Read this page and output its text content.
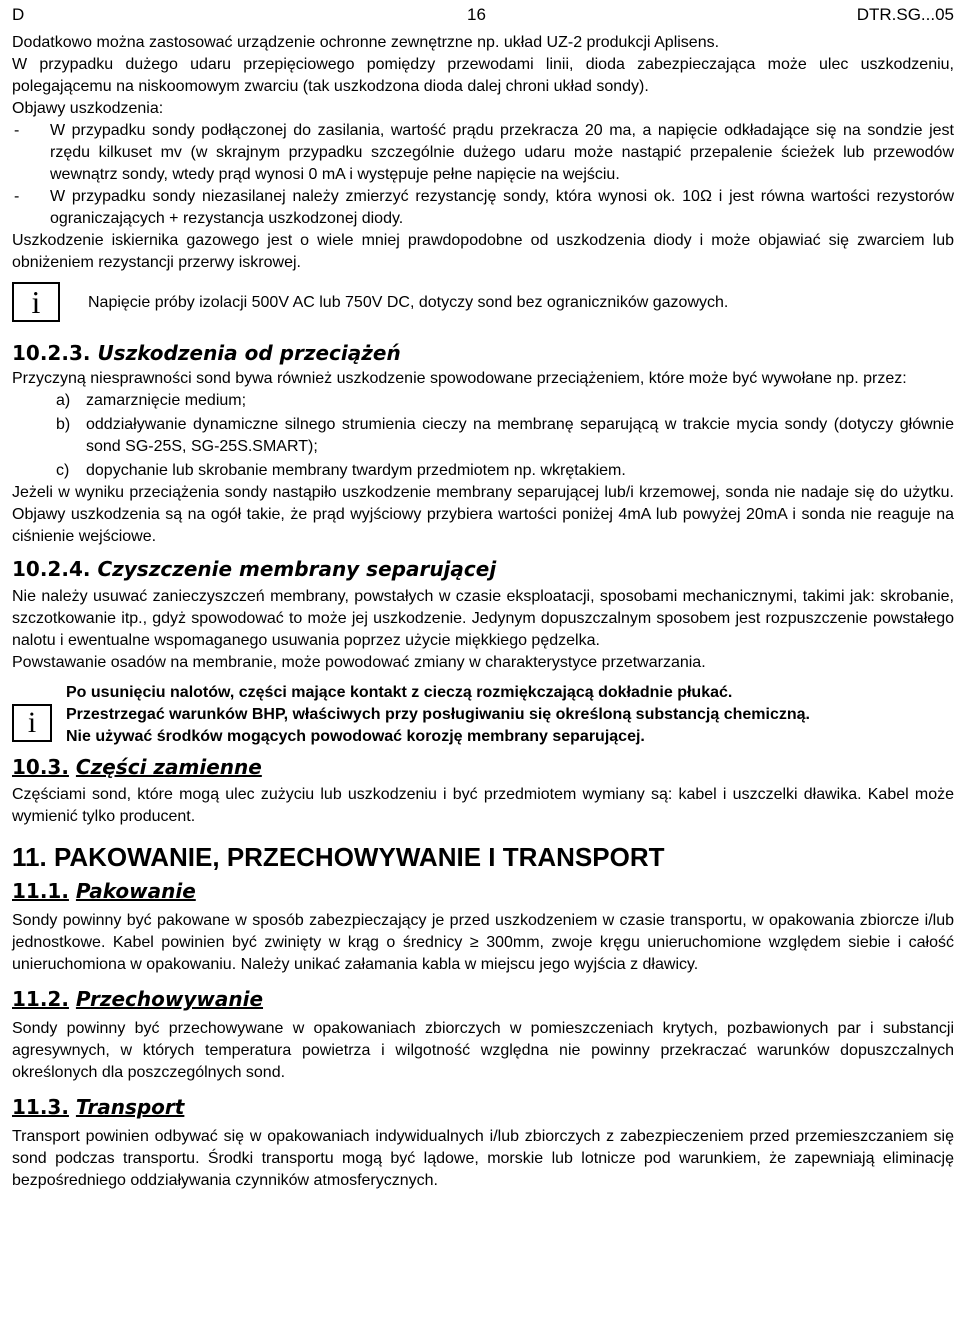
D	16	DTR.SG...05

Dodatkowo można zastosować urządzenie ochronne zewnętrzne np. układ UZ-2 produkcji Aplisens.

W przypadku dużego udaru przepięciowego pomiędzy przewodami linii, dioda zabezpieczająca może ulec uszkodzeniu, polegającemu na niskoomowym zwarciu (tak uszkodzona dioda dalej chroni układ sondy).

Objawy uszkodzenia:

- W przypadku sondy podłączonej do zasilania, wartość prądu przekracza 20 ma, a napięcie odkładające się na sondzie jest rzędu kilkuset mv (w skrajnym przypadku szczególnie dużego udaru może nastąpić przepalenie ścieżek lub przewodów wewnątrz sondy, wtedy prąd wynosi 0 mA i występuje pełne napięcie na wejściu.
- W przypadku sondy niezasilanej należy zmierzyć rezystancję sondy, która wynosi ok. 10Ω i jest równa wartości rezystorów ograniczających + rezystancja uszkodzonej diody.

Uszkodzenie iskiernika gazowego jest o wiele mniej prawdopodobne od uszkodzenia diody i może objawiać się zwarciem lub obniżeniem rezystancji przerwy iskrowej.

i	Napięcie próby izolacji 500V AC lub 750V DC, dotyczy sond bez ograniczników gazowych.

10.2.3. Uszkodzenia od przeciążeń

Przyczyną niesprawności sond bywa również uszkodzenie spowodowane przeciążeniem, które może być wywołane np. przez:

a) zamarznięcie medium;
b) oddziaływanie dynamiczne silnego strumienia cieczy na membranę separującą w trakcie mycia sondy (dotyczy głównie sond SG-25S, SG-25S.SMART);
c) dopychanie lub skrobanie membrany twardym przedmiotem np. wkrętakiem.

Jeżeli w wyniku przeciążenia sondy nastąpiło uszkodzenie membrany separującej lub/i krzemowej, sonda nie nadaje się do użytku. Objawy uszkodzenia są na ogół takie, że prąd wyjściowy przybiera wartości poniżej 4mA lub powyżej 20mA i sonda nie reaguje na ciśnienie wejściowe.

10.2.4. Czyszczenie membrany separującej

Nie należy usuwać zanieczyszczeń membrany, powstałych w czasie eksploatacji, sposobami mechanicznymi, takimi jak: skrobanie, szczotkowanie itp., gdyż spowodować to może jej uszkodzenie. Jedynym dopuszczalnym sposobem jest rozpuszczenie powstałego nalotu i ewentualne wspomaganego usuwania poprzez użycie miękkiego pędzelka.

Powstawanie osadów na membranie, może powodować zmiany w charakterystyce przetwarzania.

i

Po usunięciu nalotów, części mające kontakt z cieczą rozmiękczającą dokładnie płukać.

Przestrzegać warunków BHP, właściwych przy posługiwaniu się określoną substancją chemiczną.

Nie używać środków mogących powodować korozję membrany separującej.

10.3. Części zamienne

Częściami sond, które mogą ulec zużyciu lub uszkodzeniu i być przedmiotem wymiany są: kabel i uszczelki dławika. Kabel może wymienić tylko producent.

11. PAKOWANIE, PRZECHOWYWANIE I TRANSPORT
11.1. Pakowanie

Sondy powinny być pakowane w sposób zabezpieczający je przed uszkodzeniem w czasie transportu, w opakowania zbiorcze i/lub jednostkowe. Kabel powinien być zwinięty w krąg o średnicy ≥ 300mm, zwoje kręgu unieruchomione względem siebie i całość unieruchomiona w opakowaniu. Należy unikać załamania kabla w miejscu jego wyjścia z dławicy.

11.2. Przechowywanie

Sondy powinny być przechowywane w opakowaniach zbiorczych w pomieszczeniach krytych, pozbawionych par i substancji agresywnych, w których temperatura powietrza i wilgotność względna nie powinny przekraczać warunków dopuszczalnych określonych dla poszczególnych sond.

11.3. Transport

Transport powinien odbywać się w opakowaniach indywidualnych i/lub zbiorczych z zabezpieczeniem przed przemieszczaniem się sond podczas transportu. Środki transportu mogą być lądowe, morskie lub lotnicze pod warunkiem, że zapewniają eliminację bezpośredniego oddziaływania czynników atmosferycznych.
